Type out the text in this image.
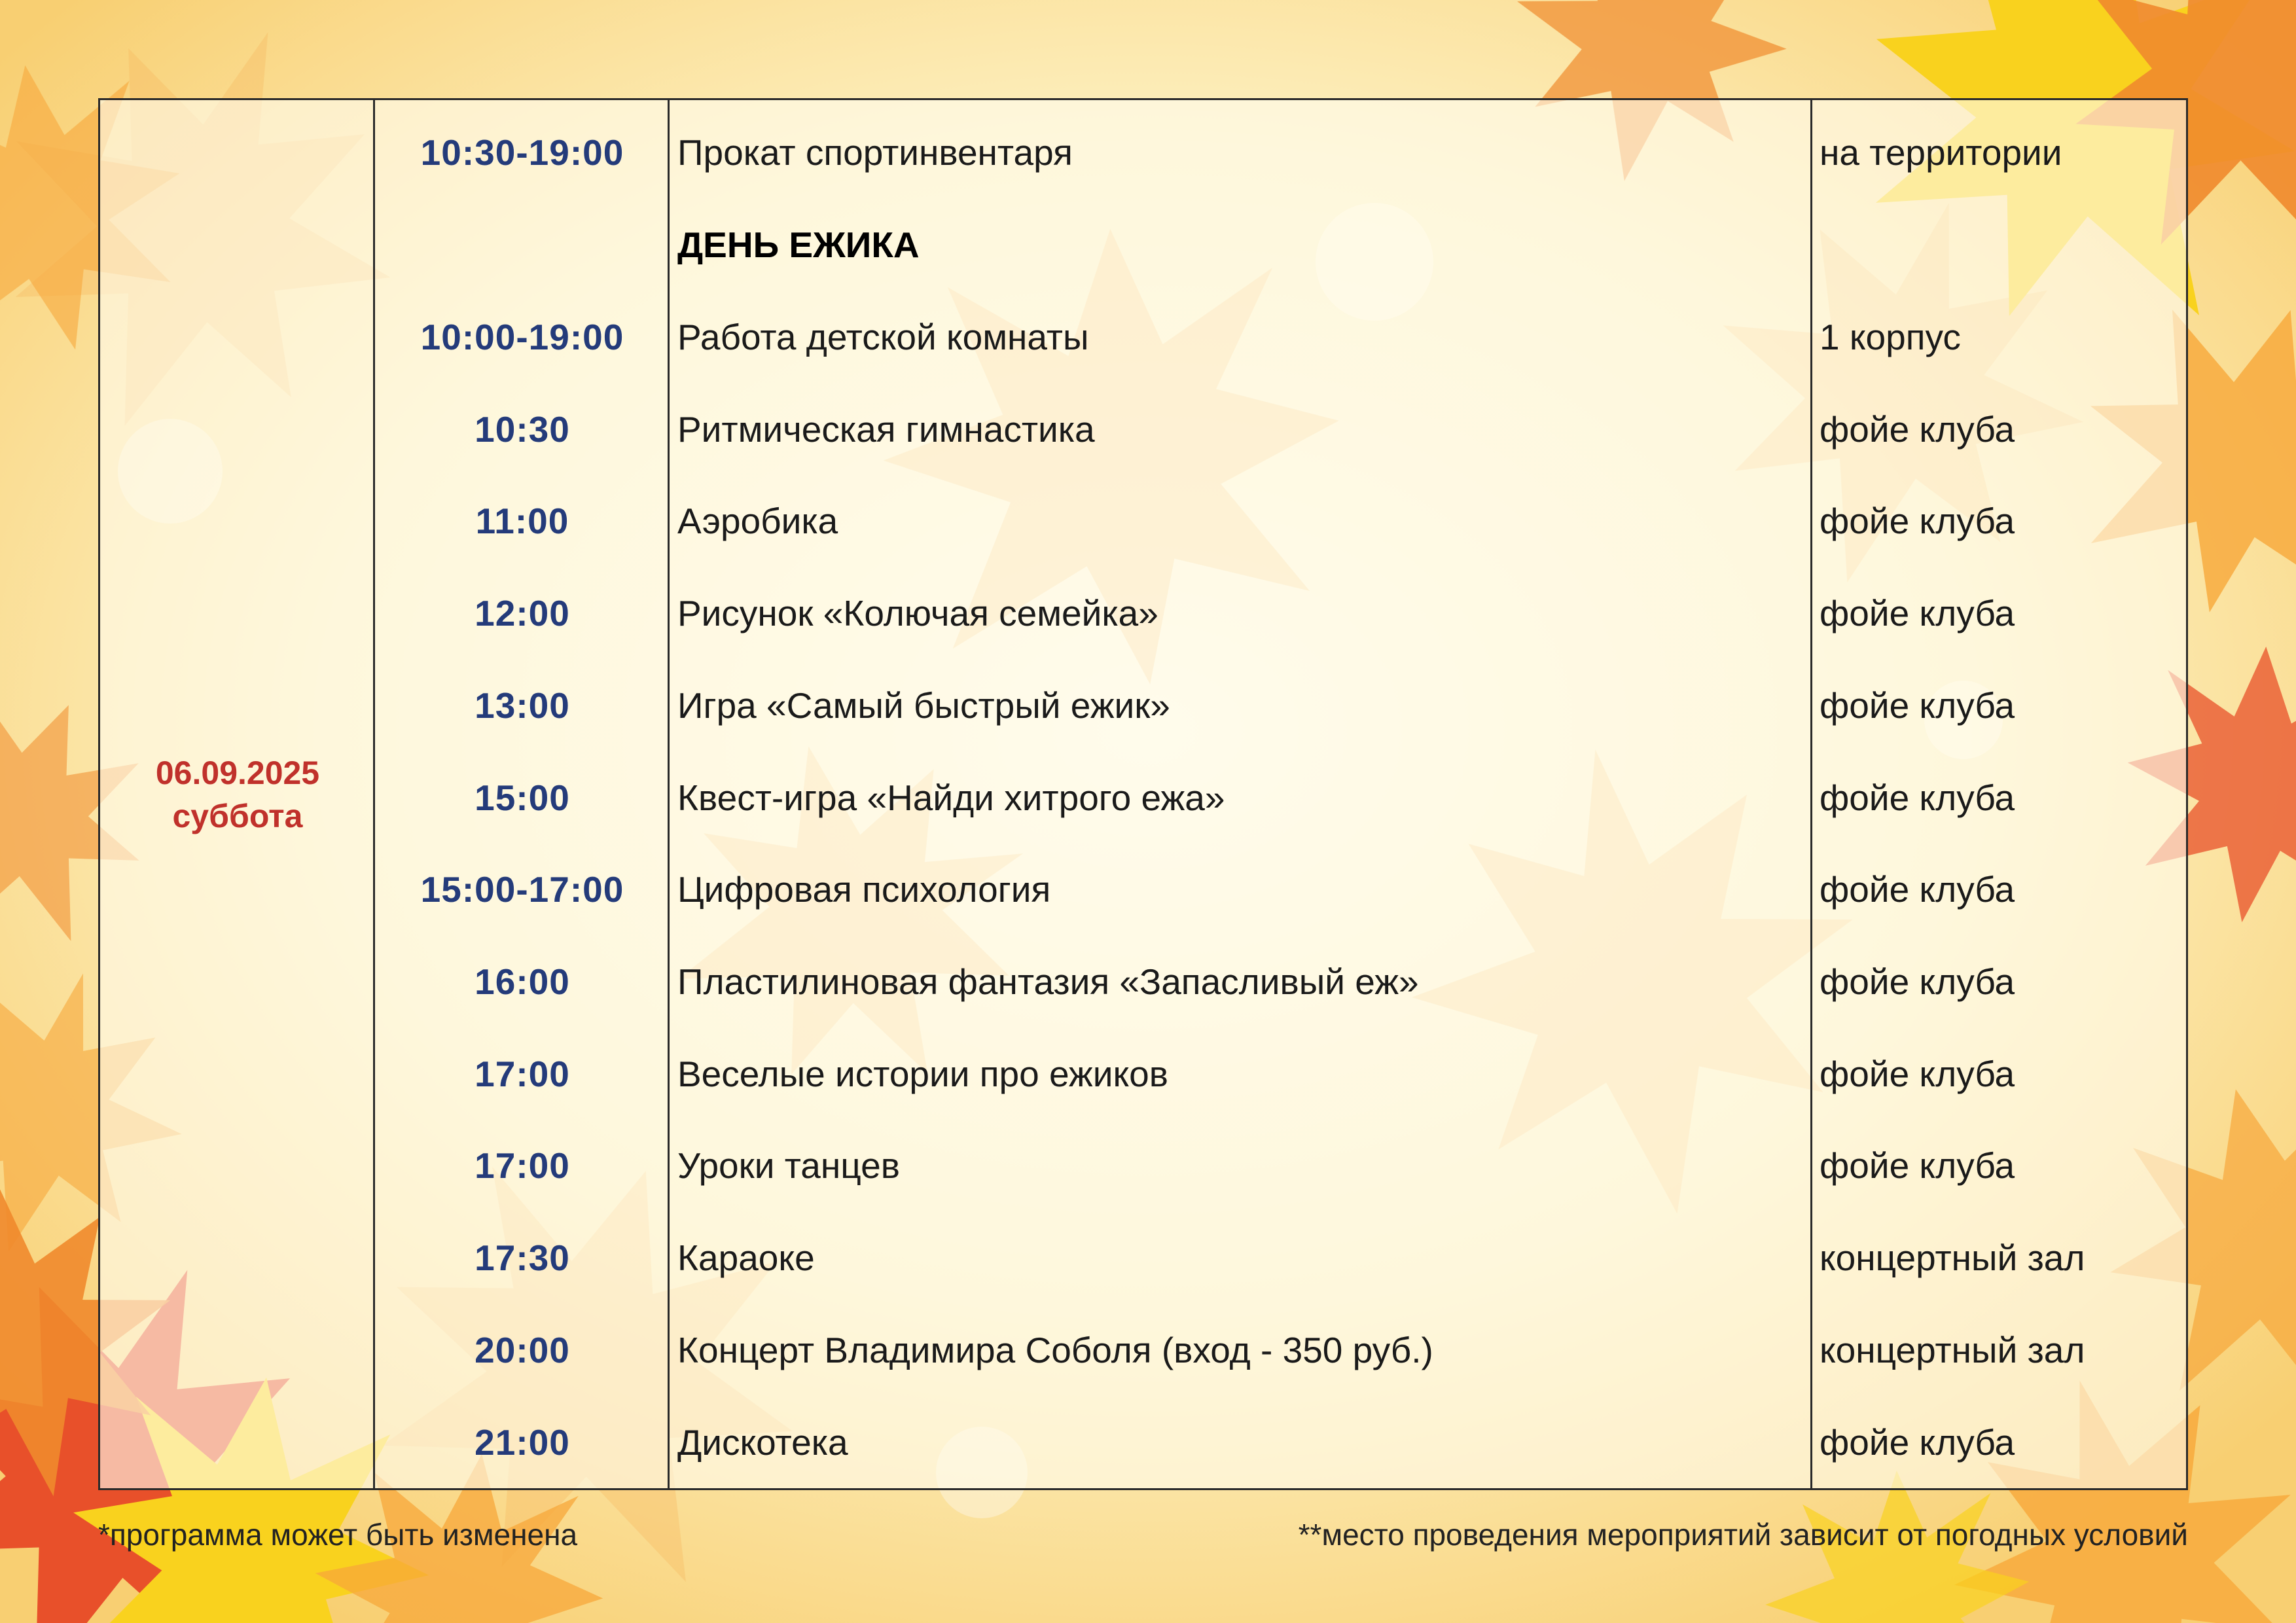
06.09.2025
суббота
10:30-19:00	Прокат спортинвентаря	на территории
ДЕНЬ ЕЖИКА
10:00-19:00	Работа детской комнаты	1 корпус
10:30	Ритмическая гимнастика	фойе клуба
11:00	Аэробика	фойе клуба
12:00	Рисунок «Колючая семейка»	фойе клуба
13:00	Игра «Самый быстрый ежик»	фойе клуба
15:00	Квест-игра «Найди хитрого ежа»	фойе клуба
15:00-17:00	Цифровая психология	фойе клуба
16:00	Пластилиновая фантазия «Запасливый еж»	фойе клуба
17:00	Веселые истории про ежиков	фойе клуба
17:00	Уроки танцев	фойе клуба
17:30	Караоке	концертный зал
20:00	Концерт Владимира Соболя (вход - 350 руб.)	концертный зал
21:00	Дискотека	фойе клуба
*программа может быть изменена	**место проведения мероприятий зависит от погодных условий
